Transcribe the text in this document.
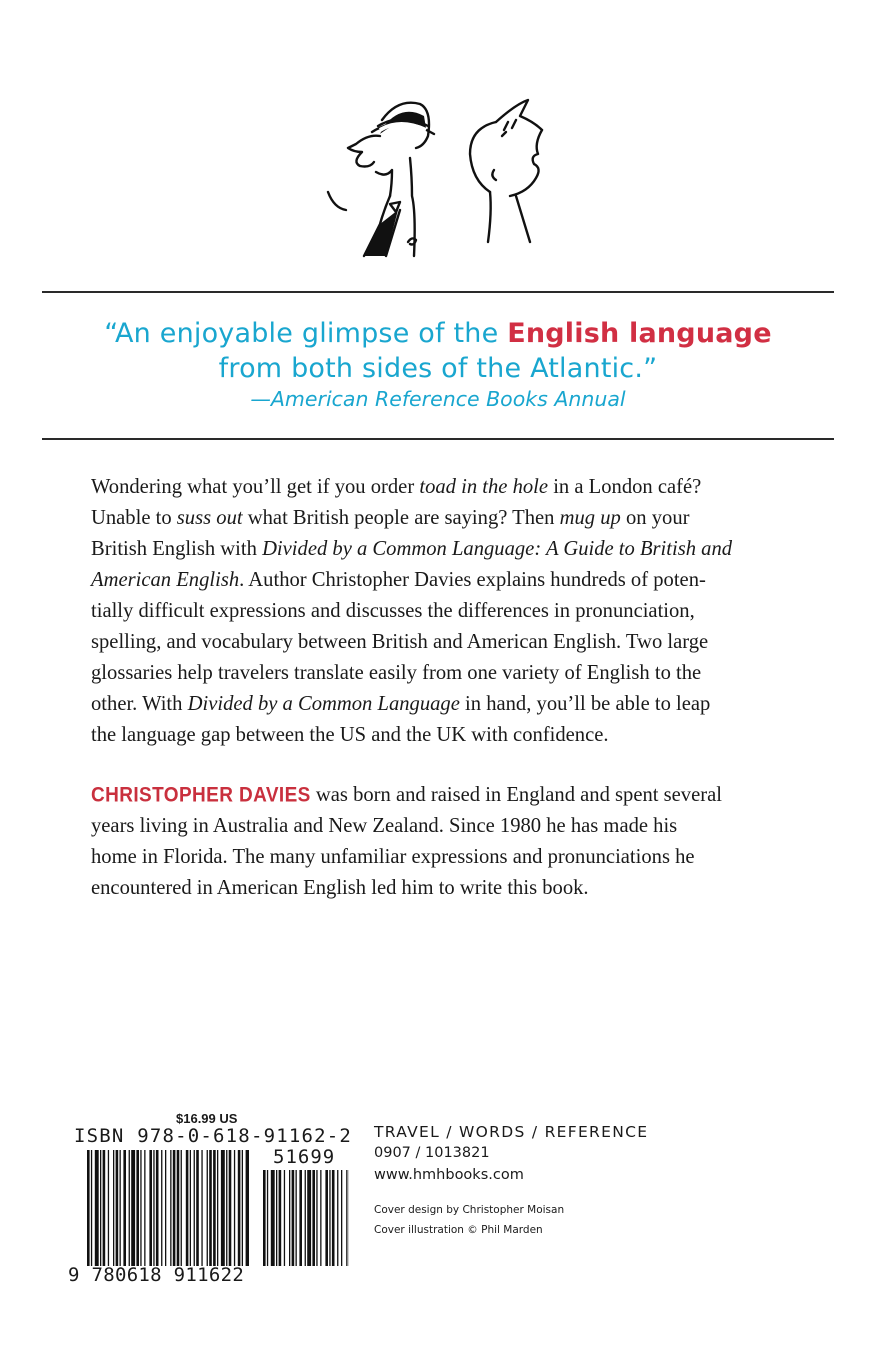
“An enjoyable glimpse of the English language
from both sides of the Atlantic.”
—American Reference Books Annual
Wondering what you’ll get if you order toad in the hole in a London café?
Unable to suss out what British people are saying? Then mug up on your
British English with Divided by a Common Language: A Guide to British and
American English. Author Christopher Davies explains hundreds of poten-
tially difficult expressions and discusses the differences in pronunciation,
spelling, and vocabulary between British and American English. Two large
glossaries help travelers translate easily from one variety of English to the
other. With Divided by a Common Language in hand, you’ll be able to leap
the language gap between the US and the UK with confidence.
CHRISTOPHER DAVIES was born and raised in England and spent several
years living in Australia and New Zealand. Since 1980 he has made his
home in Florida. The many unfamiliar expressions and pronunciations he
encountered in American English led him to write this book.
$16.99 US
ISBN 978-0-618-91162-2
51699
9 780618 911622
TRAVEL / WORDS / REFERENCE
0907 / 1013821
www.hmhbooks.com
Cover design by Christopher Moisan
Cover illustration © Phil Marden
